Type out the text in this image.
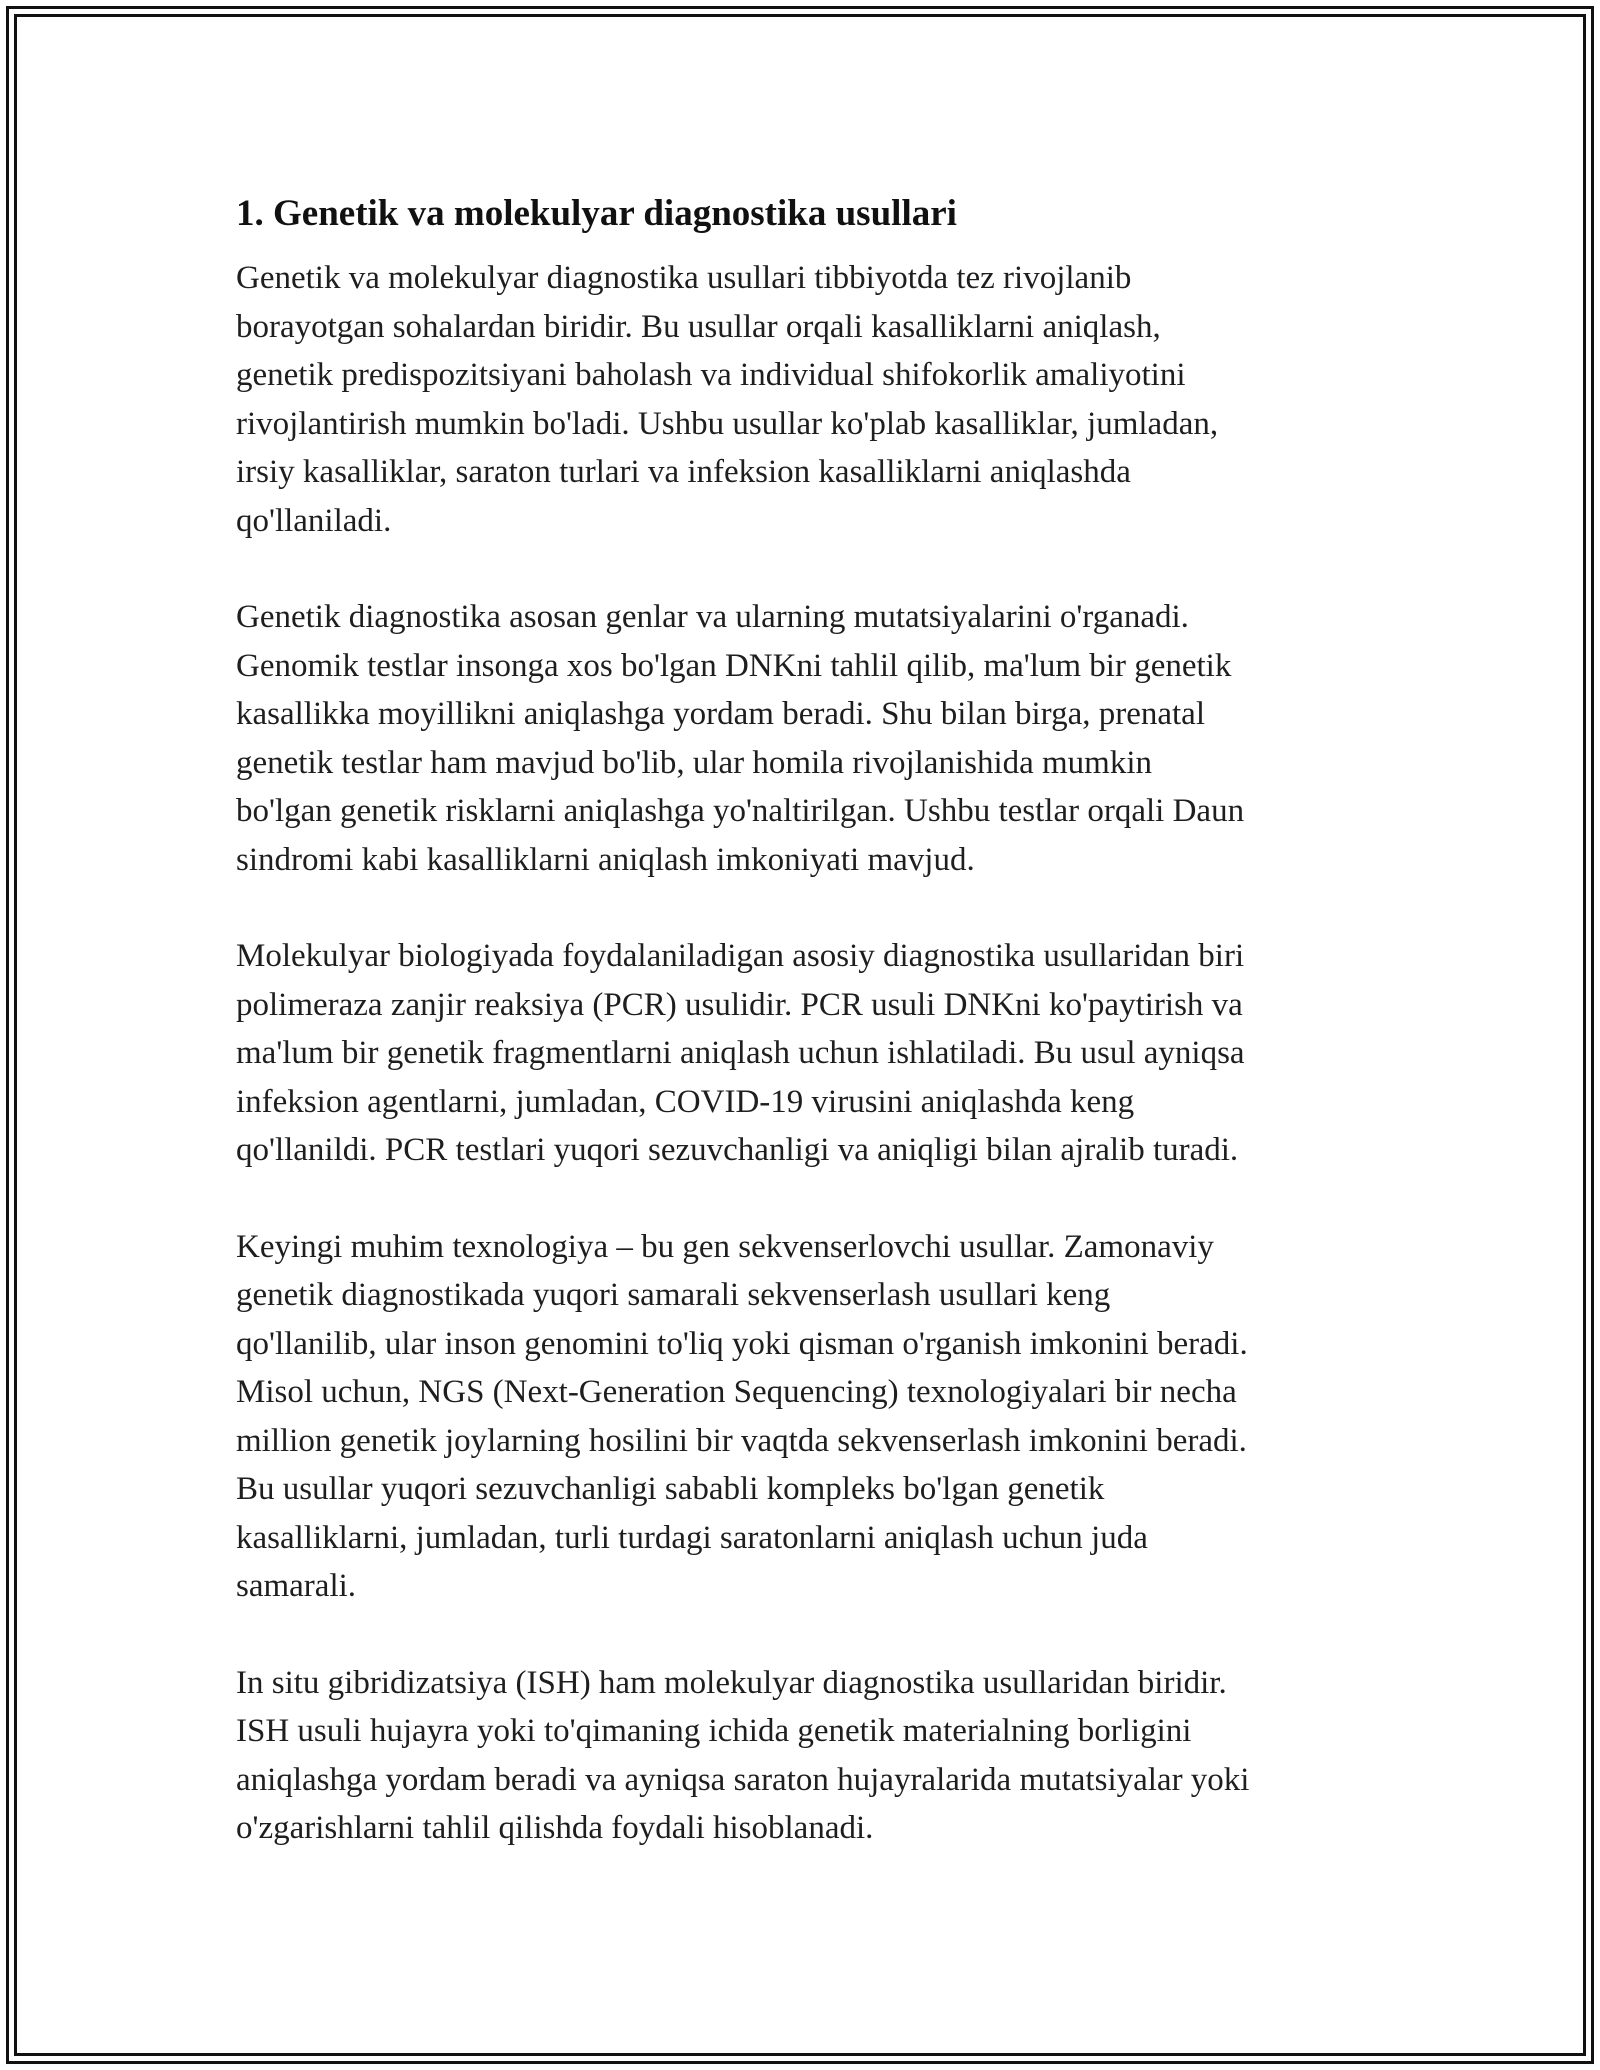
1. Genetik va molekulyar diagnostika usullari
Genetik va molekulyar diagnostika usullari tibbiyotda tez rivojlanib
borayotgan sohalardan biridir. Bu usullar orqali kasalliklarni aniqlash,
genetik predispozitsiyani baholash va individual shifokorlik amaliyotini
rivojlantirish mumkin bo'ladi. Ushbu usullar ko'plab kasalliklar, jumladan,
irsiy kasalliklar, saraton turlari va infeksion kasalliklarni aniqlashda
qo'llaniladi.
Genetik diagnostika asosan genlar va ularning mutatsiyalarini o'rganadi.
Genomik testlar insonga xos bo'lgan DNKni tahlil qilib, ma'lum bir genetik
kasallikka moyillikni aniqlashga yordam beradi. Shu bilan birga, prenatal
genetik testlar ham mavjud bo'lib, ular homila rivojlanishida mumkin
bo'lgan genetik risklarni aniqlashga yo'naltirilgan. Ushbu testlar orqali Daun
sindromi kabi kasalliklarni aniqlash imkoniyati mavjud.
Molekulyar biologiyada foydalaniladigan asosiy diagnostika usullaridan biri
polimeraza zanjir reaksiya (PCR) usulidir. PCR usuli DNKni ko'paytirish va
ma'lum bir genetik fragmentlarni aniqlash uchun ishlatiladi. Bu usul ayniqsa
infeksion agentlarni, jumladan, COVID-19 virusini aniqlashda keng
qo'llanildi. PCR testlari yuqori sezuvchanligi va aniqligi bilan ajralib turadi.
Keyingi muhim texnologiya – bu gen sekvenserlovchi usullar. Zamonaviy
genetik diagnostikada yuqori samarali sekvenserlash usullari keng
qo'llanilib, ular inson genomini to'liq yoki qisman o'rganish imkonini beradi.
Misol uchun, NGS (Next-Generation Sequencing) texnologiyalari bir necha
million genetik joylarning hosilini bir vaqtda sekvenserlash imkonini beradi.
Bu usullar yuqori sezuvchanligi sababli kompleks bo'lgan genetik
kasalliklarni, jumladan, turli turdagi saratonlarni aniqlash uchun juda
samarali.
In situ gibridizatsiya (ISH) ham molekulyar diagnostika usullaridan biridir.
ISH usuli hujayra yoki to'qimaning ichida genetik materialning borligini
aniqlashga yordam beradi va ayniqsa saraton hujayralarida mutatsiyalar yoki
o'zgarishlarni tahlil qilishda foydali hisoblanadi.
